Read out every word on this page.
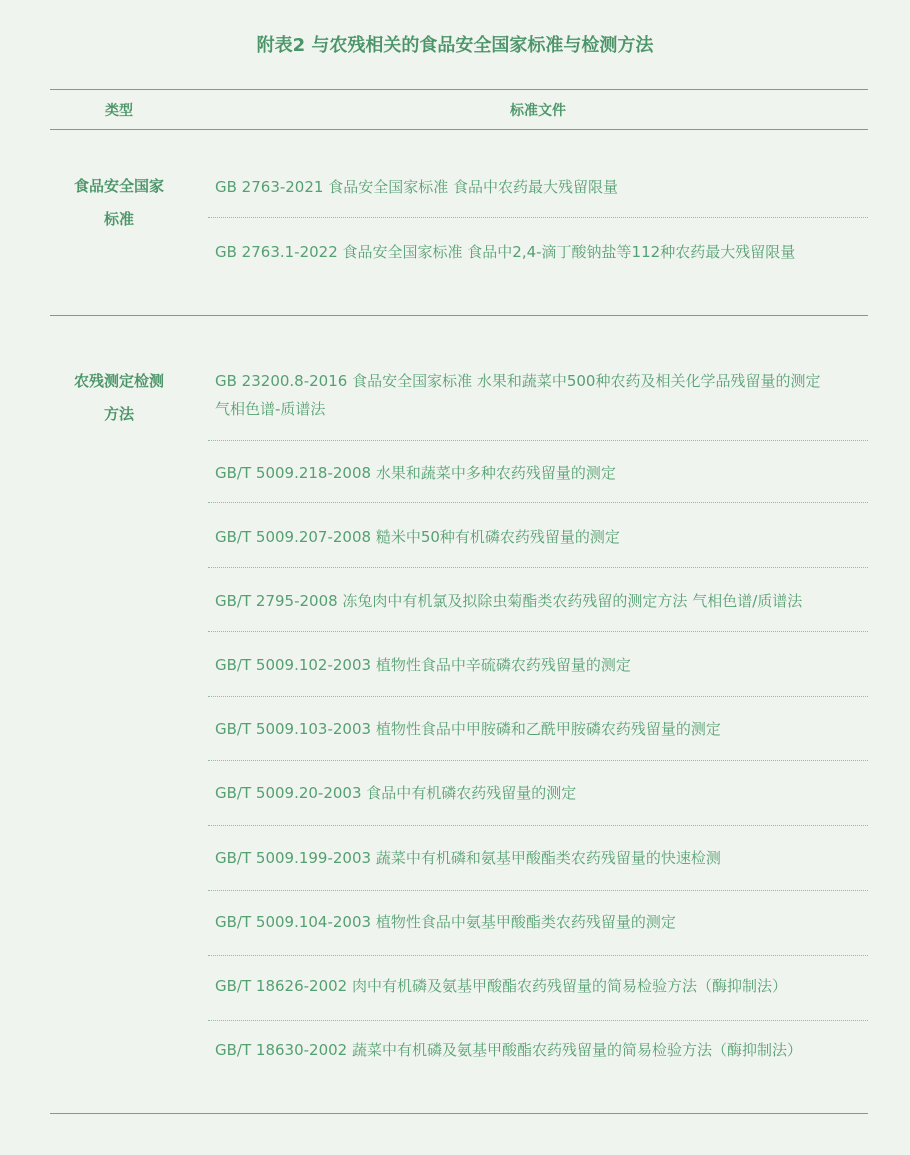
附表2 与农残相关的食品安全国家标准与检测方法
类型	标准文件
食品安全国家
标准
GB 2763-2021 食品安全国家标准 食品中农药最大残留限量
GB 2763.1-2022 食品安全国家标准 食品中2,4-滴丁酸钠盐等112种农药最大残留限量
农残测定检测
方法
GB 23200.8-2016 食品安全国家标准 水果和蔬菜中500种农药及相关化学品残留量的测定
气相色谱-质谱法
GB/T 5009.218-2008 水果和蔬菜中多种农药残留量的测定
GB/T 5009.207-2008 糙米中50种有机磷农药残留量的测定
GB/T 2795-2008 冻兔肉中有机氯及拟除虫菊酯类农药残留的测定方法 气相色谱/质谱法
GB/T 5009.102-2003 植物性食品中辛硫磷农药残留量的测定
GB/T 5009.103-2003 植物性食品中甲胺磷和乙酰甲胺磷农药残留量的测定
GB/T 5009.20-2003 食品中有机磷农药残留量的测定
GB/T 5009.199-2003 蔬菜中有机磷和氨基甲酸酯类农药残留量的快速检测
GB/T 5009.104-2003 植物性食品中氨基甲酸酯类农药残留量的测定
GB/T 18626-2002 肉中有机磷及氨基甲酸酯农药残留量的简易检验方法（酶抑制法）
GB/T 18630-2002 蔬菜中有机磷及氨基甲酸酯农药残留量的简易检验方法（酶抑制法）
